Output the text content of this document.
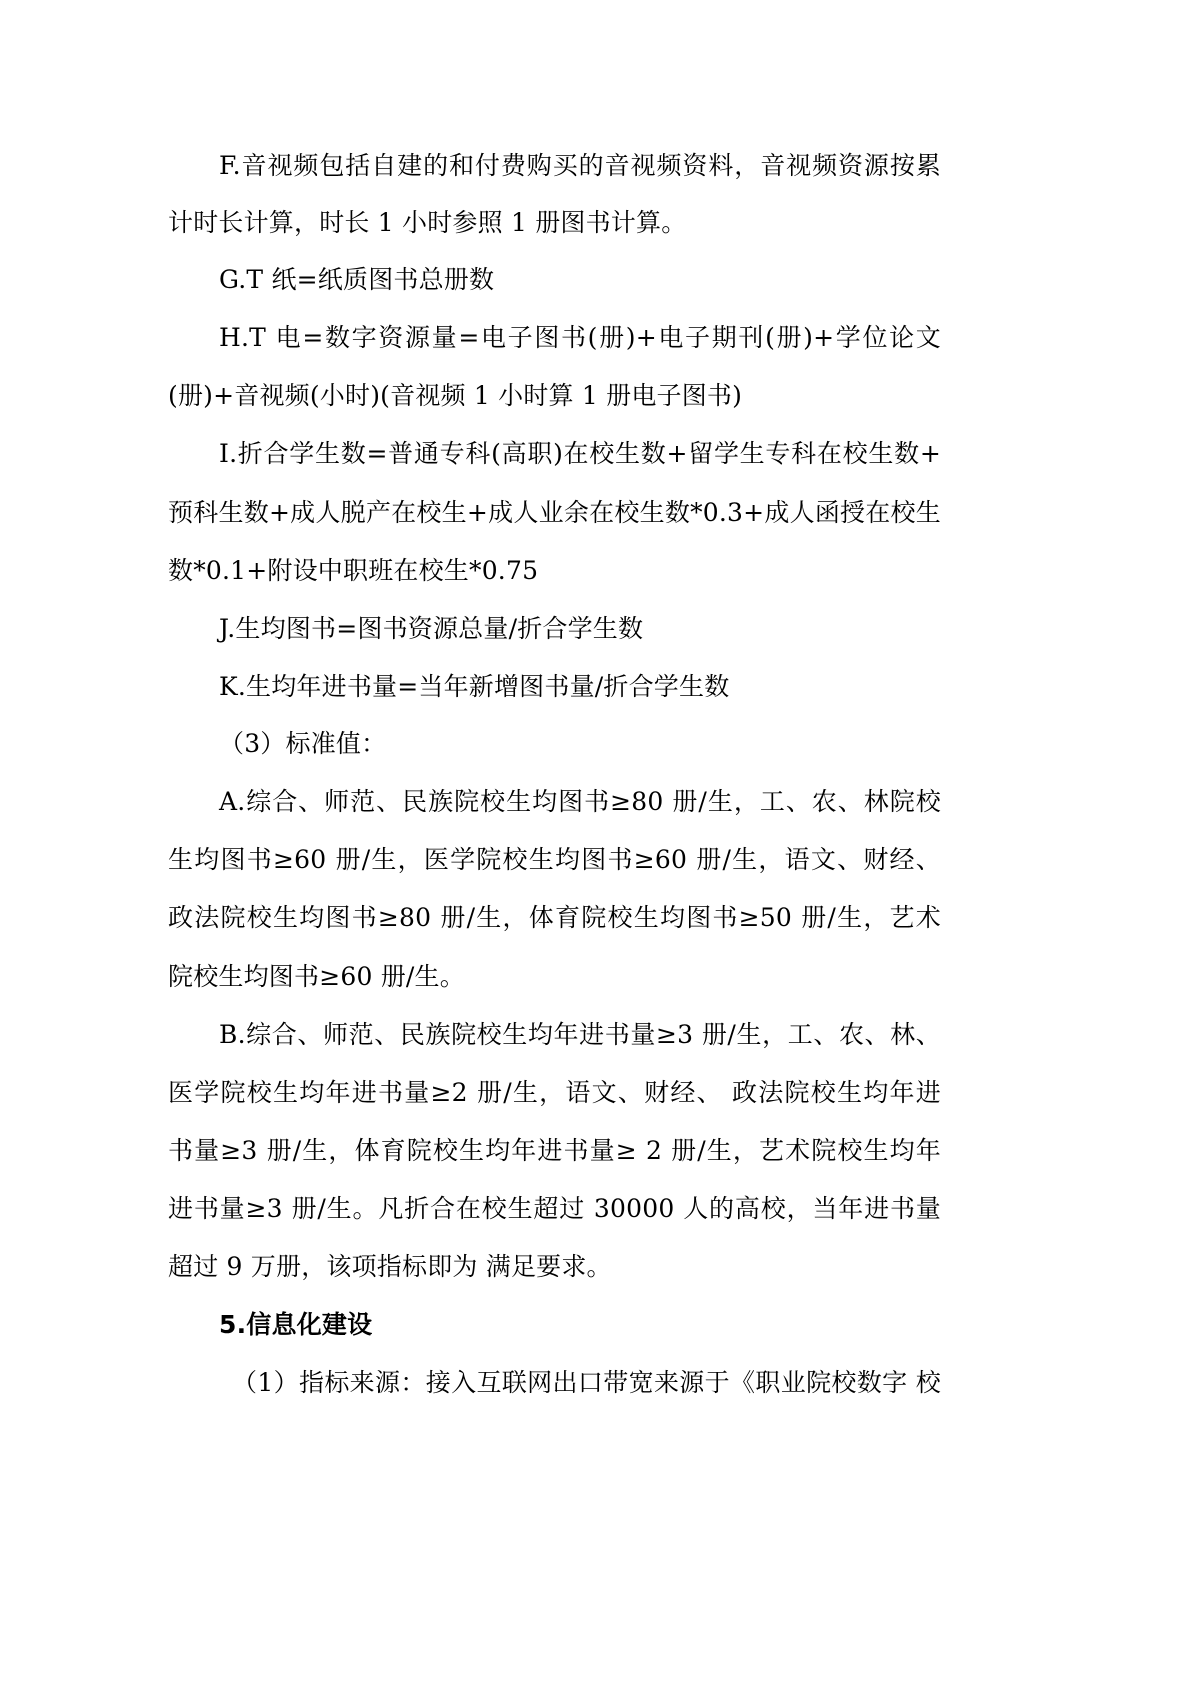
F.音视频包括自建的和付费购买的音视频资料，音视频资源按累
计时长计算，时长 1 小时参照 1 册图书计算。
G.T 纸=纸质图书总册数
H.T 电=数字资源量=电子图书(册)+电子期刊(册)+学位论文
(册)+音视频(小时)(音视频 1 小时算 1 册电子图书)
I.折合学生数=普通专科(高职)在校生数+留学生专科在校生数+
预科生数+成人脱产在校生+成人业余在校生数*0.3+成人函授在校生
数*0.1+附设中职班在校生*0.75
J.生均图书=图书资源总量/折合学生数
K.生均年进书量=当年新增图书量/折合学生数
（3）标准值：
A.综合、师范、民族院校生均图书≥80 册/生，工、农、林院校
生均图书≥60 册/生，医学院校生均图书≥60 册/生，语文、财经、
政法院校生均图书≥80 册/生，体育院校生均图书≥50 册/生，艺术
院校生均图书≥60 册/生。
B.综合、师范、民族院校生均年进书量≥3 册/生，工、农、林、
医学院校生均年进书量≥2 册/生，语文、财经、 政法院校生均年进
书量≥3 册/生，体育院校生均年进书量≥ 2 册/生，艺术院校生均年
进书量≥3 册/生。凡折合在校生超过 30000 人的高校，当年进书量
超过 9 万册，该项指标即为 满足要求。
5.信息化建设
（1）指标来源：接入互联网出口带宽来源于《职业院校数字 校
